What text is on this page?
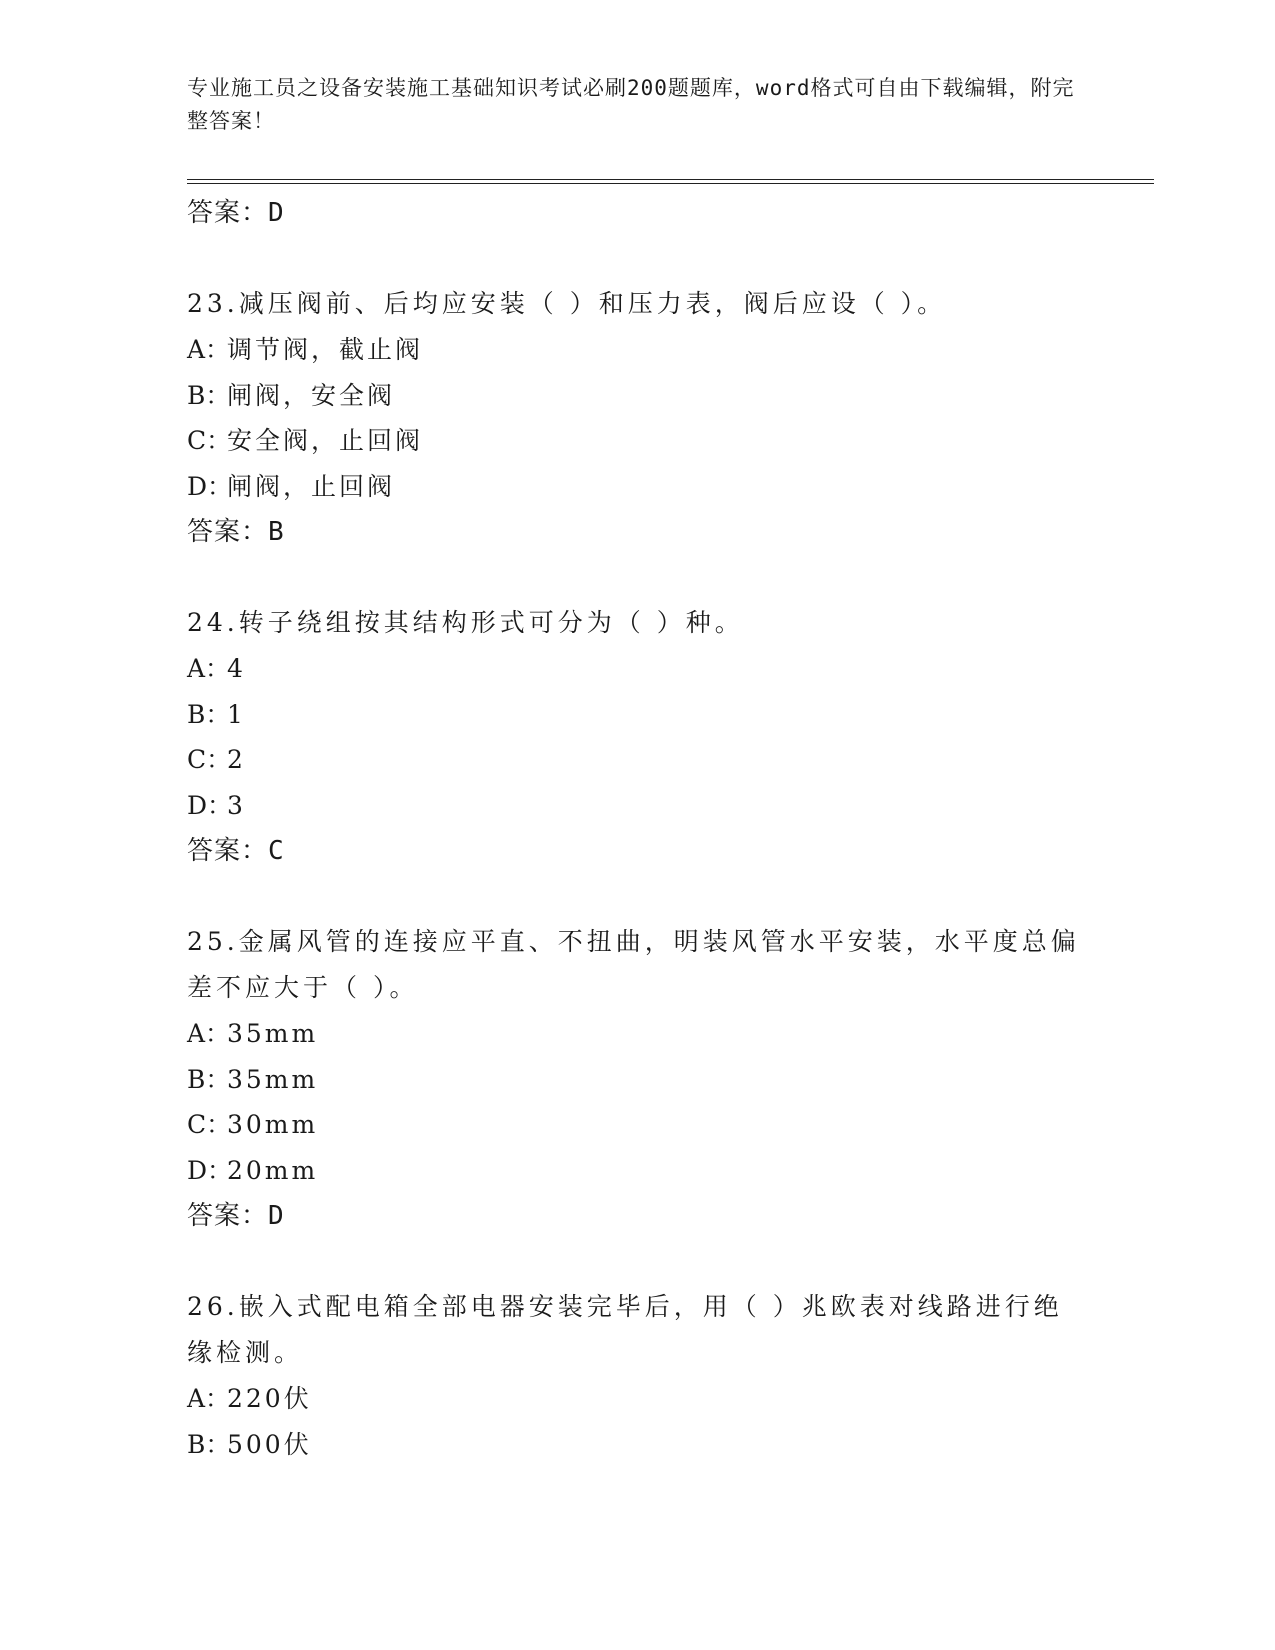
专业施工员之设备安装施工基础知识考试必刷200题题库，word格式可自由下载编辑，附完整答案！
答案：D
23.减压阀前、后均应安装（ ）和压力表，阀后应设（ ）。
A：调节阀，截止阀
B：闸阀，安全阀
C：安全阀，止回阀
D：闸阀，止回阀
答案：B
24.转子绕组按其结构形式可分为（ ）种。
A：4
B：1
C：2
D：3
答案：C
25.金属风管的连接应平直、不扭曲，明装风管水平安装，水平度总偏差不应大于（ ）。
A：35mm
B：35mm
C：30mm
D：20mm
答案：D
26.嵌入式配电箱全部电器安装完毕后，用（ ）兆欧表对线路进行绝缘检测。
A：220伏
B：500伏
